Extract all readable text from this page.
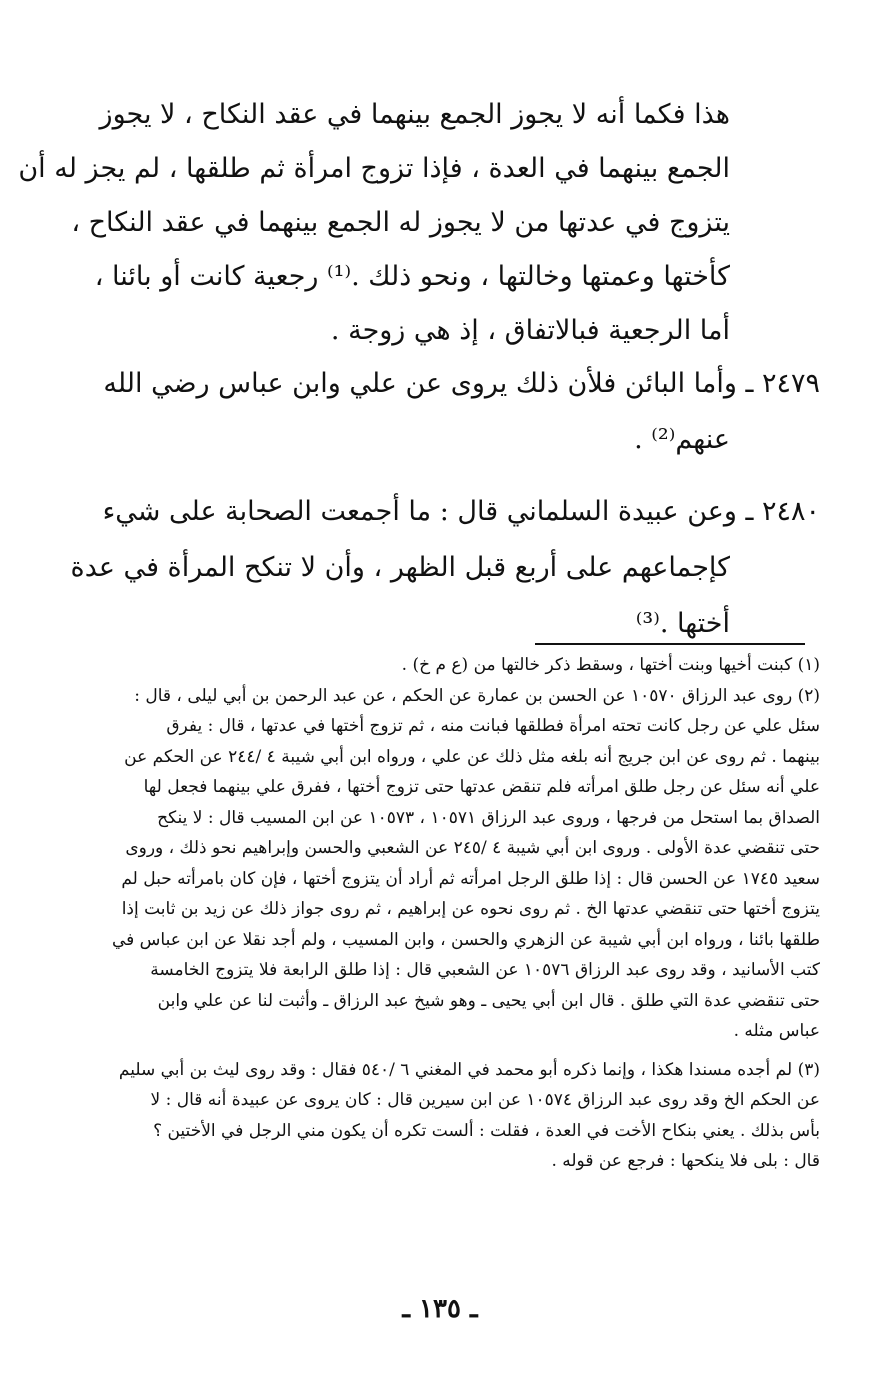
هذا فكما أنه لا يجوز الجمع بينهما في عقد النكاح ، لا يجوز
الجمع بينهما في العدة ، فإذا تزوج امرأة ثم طلقها ، لم يجز له أن
يتزوج في عدتها من لا يجوز له الجمع بينهما في عقد النكاح ،
كأختها وعمتها وخالتها ، ونحو ذلك .⁽¹⁾ رجعية كانت أو بائنا ،
أما الرجعية فبالاتفاق ، إذ هي زوجة .
٢٤٧٩ ـ وأما البائن فلأن ذلك يروى عن علي وابن عباس رضي الله
عنهم⁽²⁾ .
٢٤٨٠ ـ وعن عبيدة السلماني قال : ما أجمعت الصحابة على شيء
كإجماعهم على أربع قبل الظهر ، وأن لا تنكح المرأة في عدة
أختها .⁽³⁾
(١) كبنت أخيها وبنت أختها ، وسقط ذكر خالتها من (ع م خ) .
(٢) روى عبد الرزاق ١٠٥٧٠ عن الحسن بن عمارة عن الحكم ، عن عبد الرحمن بن أبي ليلى ، قال :
سئل علي عن رجل كانت تحته امرأة فطلقها فبانت منه ، ثم تزوج أختها في عدتها ، قال : يفرق
بينهما . ثم روى عن ابن جريج أنه بلغه مثل ذلك عن علي ، ورواه ابن أبي شيبة ٤ /٢٤٤ عن الحكم عن
علي أنه سئل عن رجل طلق امرأته فلم تنقض عدتها حتى تزوج أختها ، ففرق علي بينهما فجعل لها
الصداق بما استحل من فرجها ، وروى عبد الرزاق ١٠٥٧١ ، ١٠٥٧٣ عن ابن المسيب قال : لا ينكح
حتى تنقضي عدة الأولى . وروى ابن أبي شيبة ٤ /٢٤٥ عن الشعبي والحسن وإبراهيم نحو ذلك ، وروى
سعيد ١٧٤٥ عن الحسن قال : إذا طلق الرجل امرأته ثم أراد أن يتزوج أختها ، فإن كان بامرأته حبل لم
يتزوج أختها حتى تنقضي عدتها الخ . ثم روى نحوه عن إبراهيم ، ثم روى جواز ذلك عن زيد بن ثابت إذا
طلقها بائنا ، ورواه ابن أبي شيبة عن الزهري والحسن ، وابن المسيب ، ولم أجد نقلا عن ابن عباس في
كتب الأسانيد ، وقد روى عبد الرزاق ١٠٥٧٦ عن الشعبي قال : إذا طلق الرابعة فلا يتزوج الخامسة
حتى تنقضي عدة التي طلق . قال ابن أبي يحيى ـ وهو شيخ عبد الرزاق ـ وأثبت لنا عن علي وابن
عباس مثله .
(٣) لم أجده مسندا هكذا ، وإنما ذكره أبو محمد في المغني ٦ /٥٤٠ فقال : وقد روى ليث بن أبي سليم
عن الحكم الخ وقد روى عبد الرزاق ١٠٥٧٤ عن ابن سيرين قال : كان يروى عن عبيدة أنه قال : لا
بأس بذلك . يعني بنكاح الأخت في العدة ، فقلت : ألست تكره أن يكون مني الرجل في الأختين ؟
قال : بلى فلا ينكحها : فرجع عن قوله .
ـ ١٣٥ ـ
